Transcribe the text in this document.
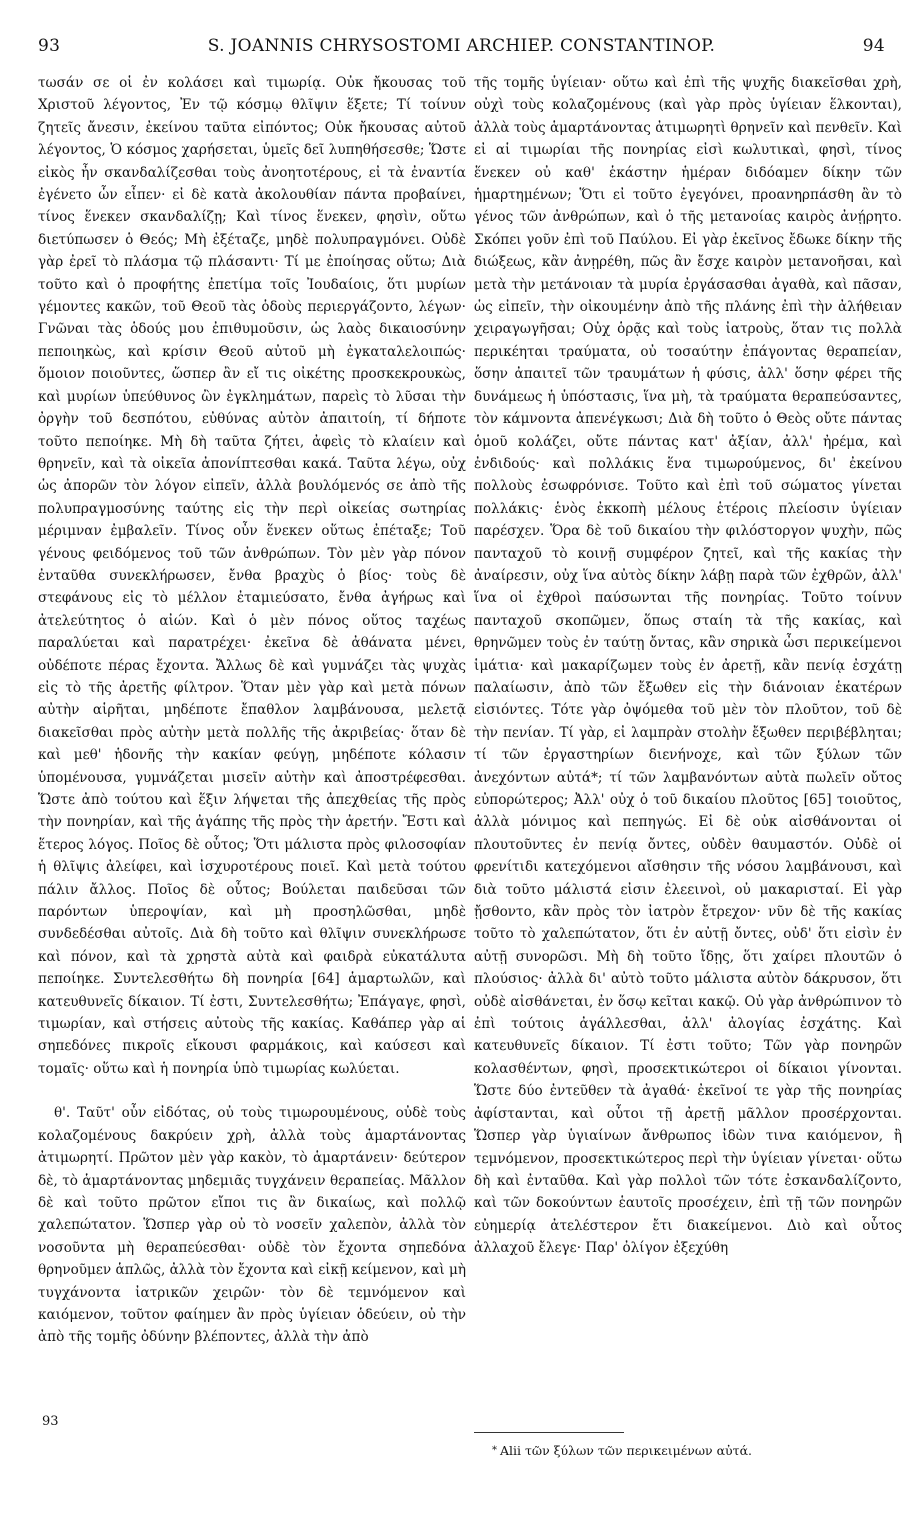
93	S. JOANNIS CHRYSOSTOMI ARCHIEP. CONSTANTINOP.	94

τωσάν σε οἱ ἐν κολάσει καὶ τιμωρίᾳ. Οὐκ ἤκουσας τοῦ Χριστοῦ λέγοντος, Ἐν τῷ κόσμῳ θλῖψιν ἕξετε; Τί τοίνυν ζητεῖς ἄνεσιν, ἐκείνου ταῦτα εἰπόντος; Οὐκ ἤκουσας αὐτοῦ λέγοντος, Ὁ κόσμος χαρήσεται, ὑμεῖς δεῖ λυπηθήσεσθε; Ὥστε εἰκὸς ἦν σκανδαλίζεσθαι τοὺς ἀνοητοτέρους, εἰ τὰ ἐναντία ἐγένετο ὧν εἶπεν· εἰ δὲ κατὰ ἀκολουθίαν πάντα προβαίνει, τίνος ἕνεκεν σκανδαλίζῃ; Καὶ τίνος ἕνεκεν, φησὶν, οὕτω διετύπωσεν ὁ Θεός; Μὴ ἐξέταζε, μηδὲ πολυπραγμόνει. Οὐδὲ γὰρ ἐρεῖ τὸ πλάσμα τῷ πλάσαντι· Τί με ἐποίησας οὕτω; Διὰ τοῦτο καὶ ὁ προφήτης ἐπετίμα τοῖς Ἰουδαίοις, ὅτι μυρίων γέμοντες κακῶν, τοῦ Θεοῦ τὰς ὁδοὺς περιεργάζοντο, λέγων· Γνῶναι τὰς ὁδούς μου ἐπιθυμοῦσιν, ὡς λαὸς δικαιοσύνην πεποιηκὼς, καὶ κρίσιν Θεοῦ αὐτοῦ μὴ ἐγκαταλελοιπώς· ὅμοιον ποιοῦντες, ὥσπερ ἂν εἴ τις οἰκέτης προσκεκρουκὼς, καὶ μυρίων ὑπεύθυνος ὢν ἐγκλημάτων, παρεὶς τὸ λῦσαι τὴν ὀργὴν τοῦ δεσπότου, εὐθύνας αὐτὸν ἀπαιτοίη, τί δήποτε τοῦτο πεποίηκε. Μὴ δὴ ταῦτα ζήτει, ἀφεὶς τὸ κλαίειν καὶ θρηνεῖν, καὶ τὰ οἰκεῖα ἀπονίπτεσθαι κακά. Ταῦτα λέγω, οὐχ ὡς ἀπορῶν τὸν λόγον εἰπεῖν, ἀλλὰ βουλόμενός σε ἀπὸ τῆς πολυπραγμοσύνης ταύτης εἰς τὴν περὶ οἰκείας σωτηρίας μέριμναν ἐμβαλεῖν. Τίνος οὖν ἕνεκεν οὕτως ἐπέταξε; Τοῦ γένους φειδόμενος τοῦ τῶν ἀνθρώπων. Τὸν μὲν γὰρ πόνον ἐνταῦθα συνεκλήρωσεν, ἔνθα βραχὺς ὁ βίος· τοὺς δὲ στεφάνους εἰς τὸ μέλλον ἐταμιεύσατο, ἔνθα ἀγήρως καὶ ἀτελεύτητος ὁ αἰών. Καὶ ὁ μὲν πόνος οὕτος ταχέως παραλύεται καὶ παρατρέχει· ἐκεῖνα δὲ ἀθάνατα μένει, οὐδέποτε πέρας ἔχοντα. Ἄλλως δὲ καὶ γυμνάζει τὰς ψυχὰς εἰς τὸ τῆς ἀρετῆς φίλτρον. Ὅταν μὲν γὰρ καὶ μετὰ πόνων αὐτὴν αἱρῆται, μηδέποτε ἔπαθλον λαμβάνουσα, μελετᾷ διακεῖσθαι πρὸς αὐτὴν μετὰ πολλῆς τῆς ἀκριβείας· ὅταν δὲ καὶ μεθ' ἡδονῆς τὴν κακίαν φεύγῃ, μηδέποτε κόλασιν ὑπομένουσα, γυμνάζεται μισεῖν αὐτὴν καὶ ἀποστρέφεσθαι. Ὥστε ἀπὸ τούτου καὶ ἕξιν λήψεται τῆς ἀπεχθείας τῆς πρὸς τὴν πονηρίαν, καὶ τῆς ἀγάπης τῆς πρὸς τὴν ἀρετήν. Ἔστι καὶ ἕτερος λόγος. Ποῖος δὲ οὗτος; Ὅτι μάλιστα πρὸς φιλοσοφίαν ἡ θλῖψις ἀλείφει, καὶ ἰσχυροτέρους ποιεῖ. Καὶ μετὰ τούτου πάλιν ἄλλος. Ποῖος δὲ οὗτος; Βούλεται παιδεῦσαι τῶν παρόντων ὑπεροψίαν, καὶ μὴ προσηλῶσθαι, μηδὲ συνδεδέσθαι αὐτοῖς. Διὰ δὴ τοῦτο καὶ θλῖψιν συνεκλήρωσε καὶ πόνον, καὶ τὰ χρηστὰ αὐτὰ καὶ φαιδρὰ εὐκατάλυτα πεποίηκε. Συντελεσθήτω δὴ πονηρία [64] ἁμαρτωλῶν, καὶ κατευθυνεῖς δίκαιον. Τί ἐστι, Συντελεσθήτω; Ἐπάγαγε, φησὶ, τιμωρίαν, καὶ στήσεις αὐτοὺς τῆς κακίας. Καθάπερ γὰρ αἱ σηπεδόνες πικροῖς εἴκουσι φαρμάκοις, καὶ καύσεσι καὶ τομαῖς· οὕτω καὶ ἡ πονηρία ὑπὸ τιμωρίας κωλύεται.

θ'. Ταῦτ' οὖν εἰδότας, οὐ τοὺς τιμωρουμένους, οὐδὲ τοὺς κολαζομένους δακρύειν χρὴ, ἀλλὰ τοὺς ἁμαρτάνοντας ἀτιμωρητί. Πρῶτον μὲν γὰρ κακὸν, τὸ ἁμαρτάνειν· δεύτερον δὲ, τὸ ἁμαρτάνοντας μηδεμιᾶς τυγχάνειν θεραπείας. Μᾶλλον δὲ καὶ τοῦτο πρῶτον εἴποι τις ἂν δικαίως, καὶ πολλῷ χαλεπώτατον. Ὥσπερ γὰρ οὐ τὸ νοσεῖν χαλεπὸν, ἀλλὰ τὸν νοσοῦντα μὴ θεραπεύεσθαι· οὐδὲ τὸν ἔχοντα σηπεδόνα θρηνοῦμεν ἁπλῶς, ἀλλὰ τὸν ἔχοντα καὶ εἰκῇ κείμενον, καὶ μὴ τυγχάνοντα ἰατρικῶν χειρῶν· τὸν δὲ τεμνόμενον καὶ καιόμενον, τοῦτον φαίημεν ἂν πρὸς ὑγίειαν ὁδεύειν, οὐ τὴν ἀπὸ τῆς τομῆς ὀδύνην βλέποντες, ἀλλὰ τὴν ἀπὸ

τῆς τομῆς ὑγίειαν· οὕτω καὶ ἐπὶ τῆς ψυχῆς διακεῖσθαι χρὴ, οὐχὶ τοὺς κολαζομένους (καὶ γὰρ πρὸς ὑγίειαν ἕλκονται), ἀλλὰ τοὺς ἁμαρτάνοντας ἀτιμωρητὶ θρηνεῖν καὶ πενθεῖν. Καὶ εἰ αἱ τιμωρίαι τῆς πονηρίας εἰσὶ κωλυτικαὶ, φησὶ, τίνος ἕνεκεν οὐ καθ' ἑκάστην ἡμέραν διδόαμεν δίκην τῶν ἡμαρτημένων; Ὅτι εἰ τοῦτο ἐγεγόνει, προανηρπάσθη ἂν τὸ γένος τῶν ἀνθρώπων, καὶ ὁ τῆς μετανοίας καιρὸς ἀνῄρητο. Σκόπει γοῦν ἐπὶ τοῦ Παύλου. Εἰ γὰρ ἐκεῖνος ἔδωκε δίκην τῆς διώξεως, κἂν ἀνῃρέθη, πῶς ἂν ἔσχε καιρὸν μετανοῆσαι, καὶ μετὰ τὴν μετάνοιαν τὰ μυρία ἐργάσασθαι ἀγαθὰ, καὶ πᾶσαν, ὡς εἰπεῖν, τὴν οἰκουμένην ἀπὸ τῆς πλάνης ἐπὶ τὴν ἀλήθειαν χειραγωγῆσαι; Οὐχ ὁρᾷς καὶ τοὺς ἰατροὺς, ὅταν τις πολλὰ περικέηται τραύματα, οὐ τοσαύτην ἐπάγοντας θεραπείαν, ὅσην ἀπαιτεῖ τῶν τραυμάτων ἡ φύσις, ἀλλ' ὅσην φέρει τῆς δυνάμεως ἡ ὑπόστασις, ἵνα μὴ, τὰ τραύματα θεραπεύσαντες, τὸν κάμνοντα ἀπενέγκωσι; Διὰ δὴ τοῦτο ὁ Θεὸς οὔτε πάντας ὁμοῦ κολάζει, οὔτε πάντας κατ' ἀξίαν, ἀλλ' ἠρέμα, καὶ ἐνδιδούς· καὶ πολλάκις ἕνα τιμωρούμενος, δι' ἐκείνου πολλοὺς ἐσωφρόνισε. Τοῦτο καὶ ἐπὶ τοῦ σώματος γίνεται πολλάκις· ἑνὸς ἐκκοπὴ μέλους ἑτέροις πλείοσιν ὑγίειαν παρέσχεν. Ὅρα δὲ τοῦ δικαίου τὴν φιλόστοργον ψυχὴν, πῶς πανταχοῦ τὸ κοινῇ συμφέρον ζητεῖ, καὶ τῆς κακίας τὴν ἀναίρεσιν, οὐχ ἵνα αὐτὸς δίκην λάβῃ παρὰ τῶν ἐχθρῶν, ἀλλ' ἵνα οἱ ἐχθροὶ παύσωνται τῆς πονηρίας. Τοῦτο τοίνυν πανταχοῦ σκοπῶμεν, ὅπως σταίη τὰ τῆς κακίας, καὶ θρηνῶμεν τοὺς ἐν ταύτῃ ὄντας, κἂν σηρικὰ ὦσι περικείμενοι ἱμάτια· καὶ μακαρίζωμεν τοὺς ἐν ἀρετῇ, κἂν πενίᾳ ἐσχάτῃ παλαίωσιν, ἀπὸ τῶν ἔξωθεν εἰς τὴν διάνοιαν ἑκατέρων εἰσιόντες. Τότε γὰρ ὀψόμεθα τοῦ μὲν τὸν πλοῦτον, τοῦ δὲ τὴν πενίαν. Τί γὰρ, εἰ λαμπρὰν στολὴν ἔξωθεν περιβέβληται; τί τῶν ἐργαστηρίων διενήνοχε, καὶ τῶν ξύλων τῶν ἀνεχόντων αὐτά*; τί τῶν λαμβανόντων αὐτὰ πωλεῖν οὔτος εὐπορώτερος; Ἀλλ' οὐχ ὁ τοῦ δικαίου πλοῦτος [65] τοιοῦτος, ἀλλὰ μόνιμος καὶ πεπηγώς. Εἰ δὲ οὐκ αἰσθάνονται οἱ πλουτοῦντες ἐν πενίᾳ ὄντες, οὐδὲν θαυμαστόν. Οὐδὲ οἱ φρενίτιδι κατεχόμενοι αἴσθησιν τῆς νόσου λαμβάνουσι, καὶ διὰ τοῦτο μάλιστά εἰσιν ἐλεεινοὶ, οὐ μακαρισταί. Εἰ γὰρ ᾔσθοντο, κἂν πρὸς τὸν ἰατρὸν ἔτρεχον· νῦν δὲ τῆς κακίας τοῦτο τὸ χαλεπώτατον, ὅτι ἐν αὐτῇ ὄντες, οὐδ' ὅτι εἰσὶν ἐν αὐτῇ συνορῶσι. Μὴ δὴ τοῦτο ἴδῃς, ὅτι χαίρει πλουτῶν ὁ πλούσιος· ἀλλὰ δι' αὐτὸ τοῦτο μάλιστα αὐτὸν δάκρυσον, ὅτι οὐδὲ αἰσθάνεται, ἐν ὅσῳ κεῖται κακῷ. Οὐ γὰρ ἀνθρώπινον τὸ ἐπὶ τούτοις ἀγάλλεσθαι, ἀλλ' ἀλογίας ἐσχάτης. Καὶ κατευθυνεῖς δίκαιον. Τί ἐστι τοῦτο; Τῶν γὰρ πονηρῶν κολασθέντων, φησὶ, προσεκτικώτεροι οἱ δίκαιοι γίνονται. Ὥστε δύο ἐντεῦθεν τὰ ἀγαθά· ἐκεῖνοί τε γὰρ τῆς πονηρίας ἀφίστανται, καὶ οὗτοι τῇ ἀρετῇ μᾶλλον προσέρχονται. Ὥσπερ γὰρ ὑγιαίνων ἄνθρωπος ἰδὼν τινα καιόμενον, ἢ τεμνόμενον, προσεκτικώτερος περὶ τὴν ὑγίειαν γίνεται· οὕτω δὴ καὶ ἐνταῦθα. Καὶ γὰρ πολλοὶ τῶν τότε ἐσκανδαλίζοντο, καὶ τῶν δοκούντων ἑαυτοῖς προσέχειν, ἐπὶ τῇ τῶν πονηρῶν εὐημερίᾳ ἀτελέστερον ἔτι διακείμενοι. Διὸ καὶ οὗτος ἀλλαχοῦ ἔλεγε· Παρ' ὀλίγον ἐξεχύθη

93
* Alii τῶν ξύλων τῶν περικειμένων αὐτά.
